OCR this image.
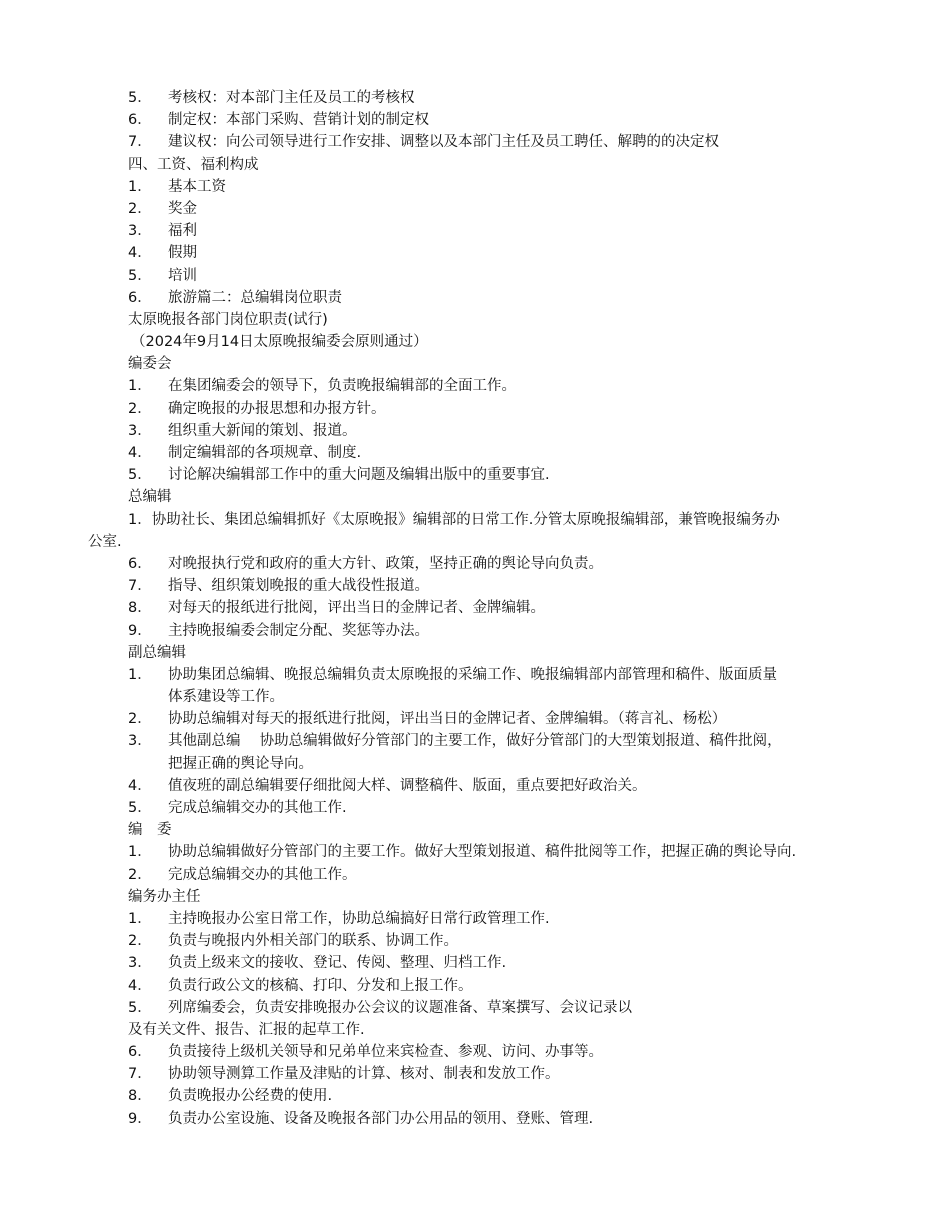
5． 考核权：对本部门主任及员工的考核权
6． 制定权：本部门采购、营销计划的制定权
7． 建议权：向公司领导进行工作安排、调整以及本部门主任及员工聘任、解聘的的决定权
四、工资、福利构成
1． 基本工资
2． 奖金
3． 福利
4． 假期
5． 培训
6． 旅游篇二：总编辑岗位职责
太原晚报各部门岗位职责(试行)
（2024年9月14日太原晚报编委会原则通过）
编委会
1． 在集团编委会的领导下，负责晚报编辑部的全面工作。
2． 确定晚报的办报思想和办报方针。
3． 组织重大新闻的策划、报道。
4． 制定编辑部的各项规章、制度.
5． 讨论解决编辑部工作中的重大问题及编辑出版中的重要事宜.
总编辑
1．协助社长、集团总编辑抓好《太原晚报》编辑部的日常工作.分管太原晚报编辑部，兼管晚报编务办
公室.
6． 对晚报执行党和政府的重大方针、政策，坚持正确的舆论导向负责。
7． 指导、组织策划晚报的重大战役性报道。
8． 对每天的报纸进行批阅，评出当日的金牌记者、金牌编辑。
9． 主持晚报编委会制定分配、奖惩等办法。
副总编辑
1． 协助集团总编辑、晚报总编辑负责太原晚报的采编工作、晚报编辑部内部管理和稿件、版面质量
体系建设等工作。
2． 协助总编辑对每天的报纸进行批阅，评出当日的金牌记者、金牌编辑。（蒋言礼、杨松）
3． 其他副总编　 协助总编辑做好分管部门的主要工作，做好分管部门的大型策划报道、稿件批阅，
把握正确的舆论导向。
4． 值夜班的副总编辑要仔细批阅大样、调整稿件、版面，重点要把好政治关。
5． 完成总编辑交办的其他工作.
编　委
1． 协助总编辑做好分管部门的主要工作。做好大型策划报道、稿件批阅等工作，把握正确的舆论导向.
2． 完成总编辑交办的其他工作。
编务办主任
1． 主持晚报办公室日常工作，协助总编搞好日常行政管理工作.
2． 负责与晚报内外相关部门的联系、协调工作。
3． 负责上级来文的接收、登记、传阅、整理、归档工作.
4． 负责行政公文的核稿、打印、分发和上报工作。
5． 列席编委会，负责安排晚报办公会议的议题准备、草案撰写、会议记录以
及有关文件、报告、汇报的起草工作.
6． 负责接待上级机关领导和兄弟单位来宾检查、参观、访问、办事等。
7． 协助领导测算工作量及津贴的计算、核对、制表和发放工作。
8． 负责晚报办公经费的使用.
9． 负责办公室设施、设备及晚报各部门办公用品的领用、登账、管理.
